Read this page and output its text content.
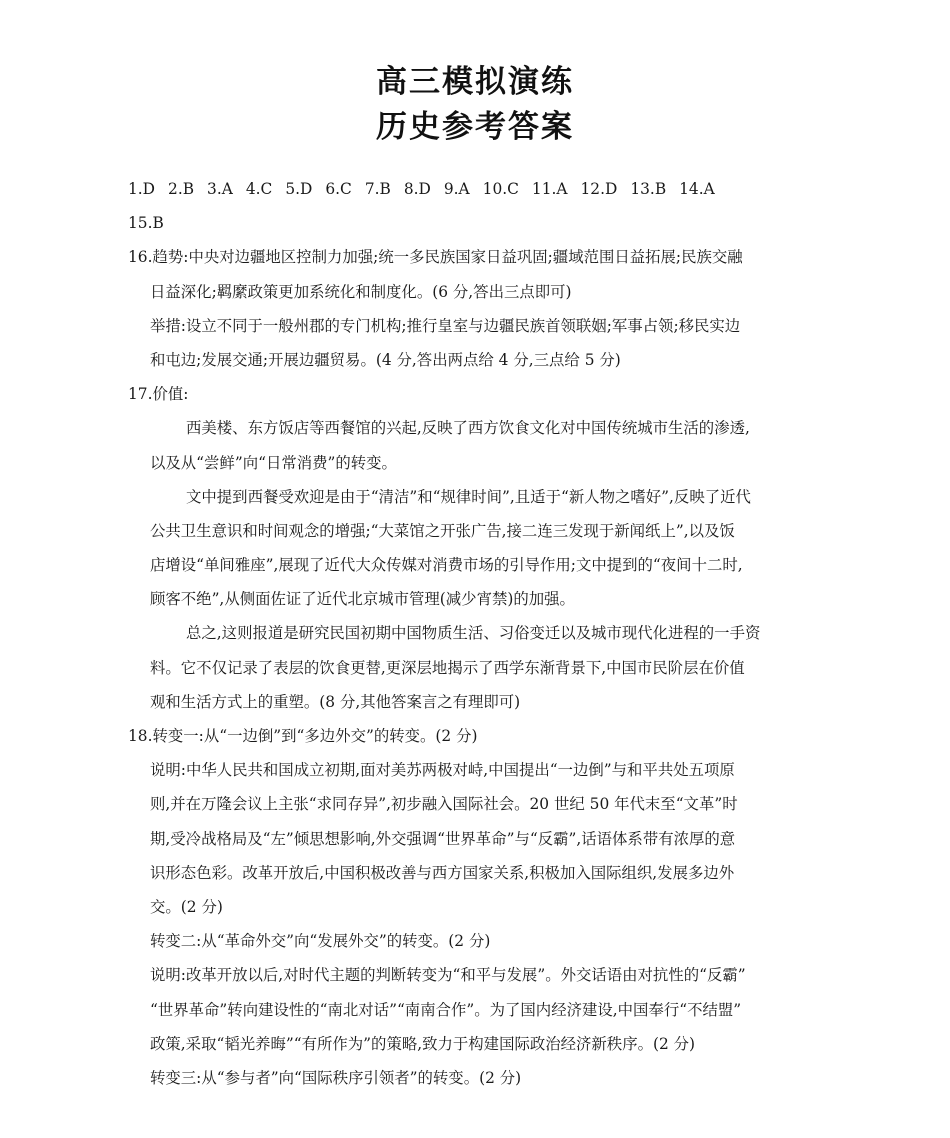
高三模拟演练
历史参考答案
1.D 2.B 3.A 4.C 5.D 6.C 7.B 8.D 9.A 10.C 11.A 12.D 13.B 14.A
15.B
16.趋势:中央对边疆地区控制力加强;统一多民族国家日益巩固;疆域范围日益拓展;民族交融
日益深化;羁縻政策更加系统化和制度化。(6 分,答出三点即可)
举措:设立不同于一般州郡的专门机构;推行皇室与边疆民族首领联姻;军事占领;移民实边
和屯边;发展交通;开展边疆贸易。(4 分,答出两点给 4 分,三点给 5 分)
17.价值:
西美楼、东方饭店等西餐馆的兴起,反映了西方饮食文化对中国传统城市生活的渗透,
以及从“尝鲜”向“日常消费”的转变。
文中提到西餐受欢迎是由于“清洁”和“规律时间”,且适于“新人物之嗜好”,反映了近代
公共卫生意识和时间观念的增强;“大菜馆之开张广告,接二连三发现于新闻纸上”,以及饭
店增设“单间雅座”,展现了近代大众传媒对消费市场的引导作用;文中提到的“夜间十二时,
顾客不绝”,从侧面佐证了近代北京城市管理(减少宵禁)的加强。
总之,这则报道是研究民国初期中国物质生活、习俗变迁以及城市现代化进程的一手资
料。它不仅记录了表层的饮食更替,更深层地揭示了西学东渐背景下,中国市民阶层在价值
观和生活方式上的重塑。(8 分,其他答案言之有理即可)
18.转变一:从“一边倒”到“多边外交”的转变。(2 分)
说明:中华人民共和国成立初期,面对美苏两极对峙,中国提出“一边倒”与和平共处五项原
则,并在万隆会议上主张“求同存异”,初步融入国际社会。20 世纪 50 年代末至“文革”时
期,受冷战格局及“左”倾思想影响,外交强调“世界革命”与“反霸”,话语体系带有浓厚的意
识形态色彩。改革开放后,中国积极改善与西方国家关系,积极加入国际组织,发展多边外
交。(2 分)
转变二:从“革命外交”向“发展外交”的转变。(2 分)
说明:改革开放以后,对时代主题的判断转变为“和平与发展”。外交话语由对抗性的“反霸”
“世界革命”转向建设性的“南北对话”“南南合作”。为了国内经济建设,中国奉行“不结盟”
政策,采取“韬光养晦”“有所作为”的策略,致力于构建国际政治经济新秩序。(2 分)
转变三:从“参与者”向“国际秩序引领者”的转变。(2 分)
